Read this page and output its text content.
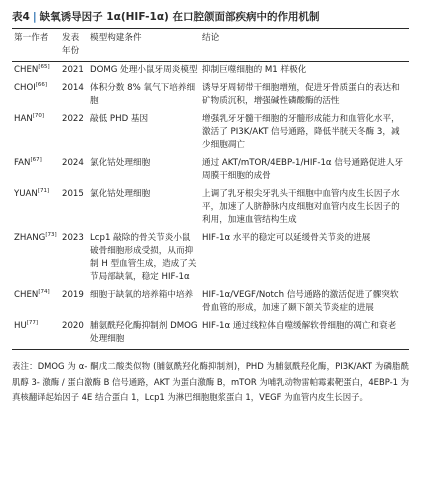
表4 | 缺氧诱导因子 1α(HIF-1α) 在口腔颌面部疾病中的作用机制
第一作者	发表年份	模型构建条件	结论
CHEN[65]	2021	DOMG 处理小鼠牙周炎模型	抑制巨噬细胞的 M1 样极化
CHOI[66]	2014	体积分数 8% 氧气下培养细胞	诱导牙周韧带干细胞增殖，促进牙骨质蛋白的表达和矿物质沉积，增强碱性磷酸酶的活性
HAN[70]	2022	敲低 PHD 基因	增强乳牙牙髓干细胞的牙髓形成能力和血管化水平，激活了 PI3K/AKT 信号通路，降低半胱天冬酶 3，减少细胞凋亡
FAN[67]	2024	氯化钴处理细胞	通过 AKT/mTOR/4EBP-1/HIF-1α 信号通路促进人牙周膜干细胞的成骨
YUAN[71]	2015	氯化钴处理细胞	上调了乳牙根尖牙乳头干细胞中血管内皮生长因子水平，加速了人脐静脉内皮细胞对血管内皮生长因子的利用，加速血管结构生成
ZHANG[73]	2023	Lcp1 敲除的骨关节炎小鼠破骨细胞形成受损，从而抑制 H 型血管生成，造成了关节局部缺氧，稳定 HIF-1α	HIF-1α 水平的稳定可以延缓骨关节炎的进展
CHEN[74]	2019	细胞于缺氧的培养箱中培养	HIF-1α/VEGF/Notch 信号通路的激活促进了髁突软骨血管的形成，加速了颞下颌关节炎症的进展
HU[77]	2020	脯氨酰羟化酶抑制剂 DMOG 处理细胞	HIF-1α 通过线粒体自噬缓解软骨细胞的凋亡和衰老
表注：DMOG 为 α- 酮戊二酸类似物 (脯氨酰羟化酶抑制剂)，PHD 为脯氨酰羟化酶，PI3K/AKT 为磷脂酰肌醇 3- 激酶 / 蛋白激酶 B 信号通路，AKT 为蛋白激酶 B，mTOR 为哺乳动物雷帕霉素靶蛋白，4EBP-1 为真核翻译起始因子 4E 结合蛋白 1，Lcp1 为淋巴细胞胞浆蛋白 1，VEGF 为血管内皮生长因子。
